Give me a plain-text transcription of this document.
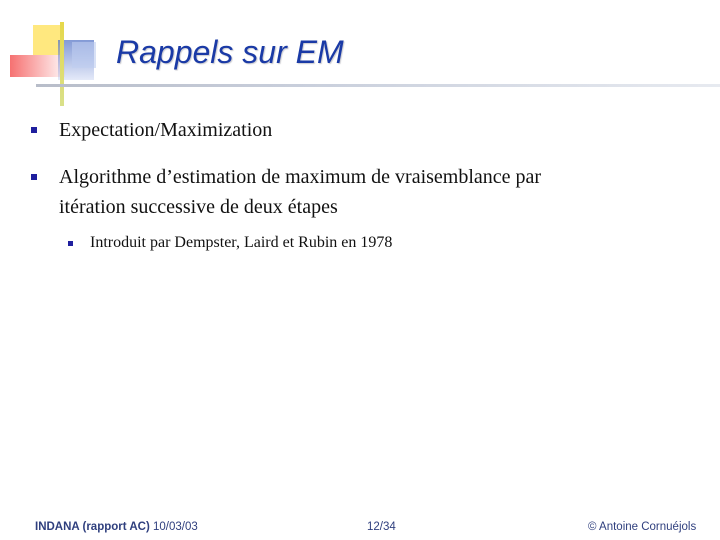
Rappels sur EM

Expectation/Maximization

Algorithme d’estimation de maximum de vraisemblance par

itération successive de deux étapes

Introduit par Dempster, Laird et Rubin en 1978

INDANA (rapport AC) 10/03/03	12/34	© Antoine Cornuéjols
